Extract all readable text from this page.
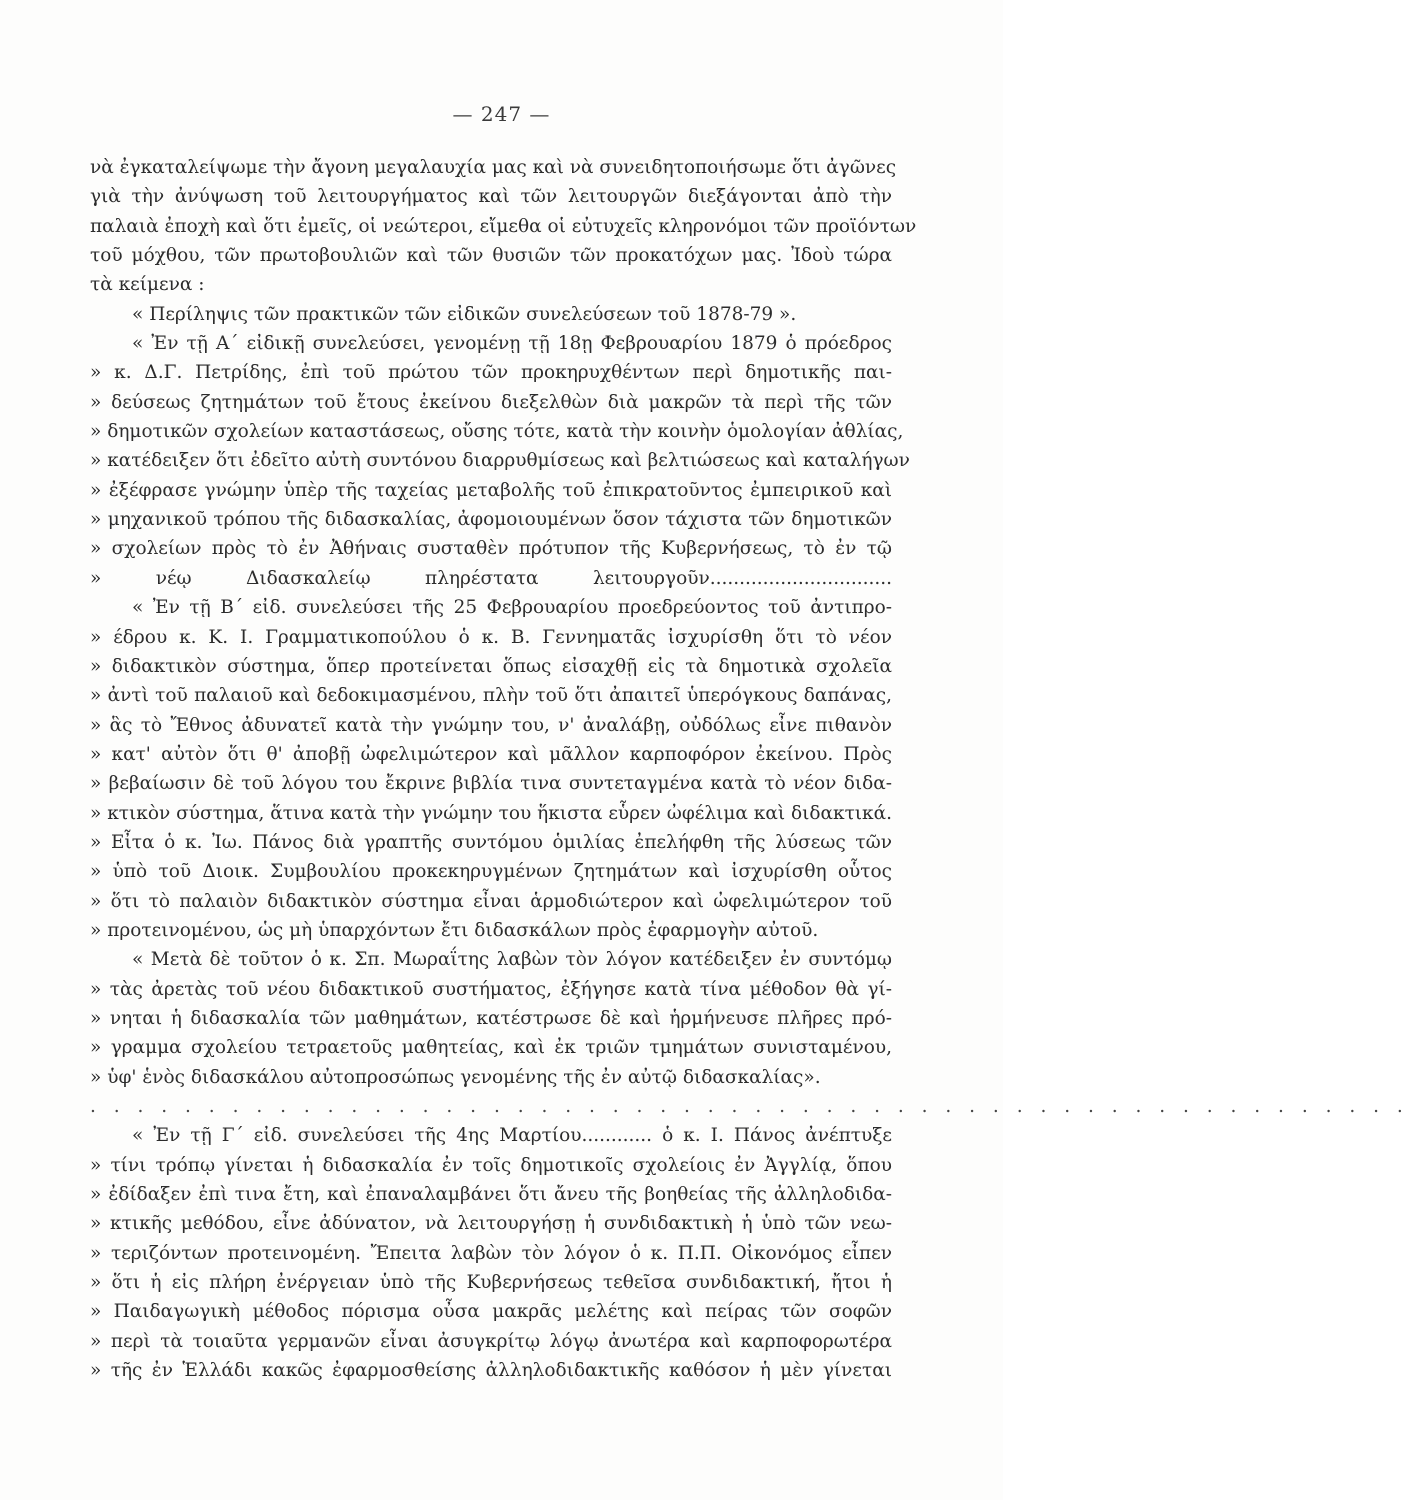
— 247 —
νὰ ἐγκαταλείψωμε τὴν ἄγονη μεγαλαυχία μας καὶ νὰ συνειδητοποιήσωμε ὅτι ἀγῶνες
γιὰ τὴν ἀνύψωση τοῦ λειτουργήματος καὶ τῶν λειτουργῶν διεξάγονται ἀπὸ τὴν
παλαιὰ ἐποχὴ καὶ ὅτι ἐμεῖς, οἱ νεώτεροι, εἴμεθα οἱ εὐτυχεῖς κληρονόμοι τῶν προϊόντων
τοῦ μόχθου, τῶν πρωτοβουλιῶν καὶ τῶν θυσιῶν τῶν προκατόχων μας. Ἰδοὺ τώρα
τὰ κείμενα :
« Περίληψις τῶν πρακτικῶν τῶν εἰδικῶν συνελεύσεων τοῦ 1878-79 ».
« Ἐν τῇ Α΄ εἰδικῇ συνελεύσει, γενομένῃ τῇ 18ῃ Φεβρουαρίου 1879 ὁ πρόεδρος
» κ. Δ.Γ. Πετρίδης, ἐπὶ τοῦ πρώτου τῶν προκηρυχθέντων περὶ δημοτικῆς παι-
» δεύσεως ζητημάτων τοῦ ἔτους ἐκείνου διεξελθὼν διὰ μακρῶν τὰ περὶ τῆς τῶν
» δημοτικῶν σχολείων καταστάσεως, οὔσης τότε, κατὰ τὴν κοινὴν ὁμολογίαν ἀθλίας,
» κατέδειξεν ὅτι ἐδεῖτο αὐτὴ συντόνου διαρρυθμίσεως καὶ βελτιώσεως καὶ καταλήγων
» ἐξέφρασε γνώμην ὑπὲρ τῆς ταχείας μεταβολῆς τοῦ ἐπικρατοῦντος ἐμπειρικοῦ καὶ
» μηχανικοῦ τρόπου τῆς διδασκαλίας, ἀφομοιουμένων ὅσον τάχιστα τῶν δημοτικῶν
» σχολείων πρὸς τὸ ἐν Ἀθήναις συσταθὲν πρότυπον τῆς Κυβερνήσεως, τὸ ἐν τῷ
» νέῳ Διδασκαλείῳ πληρέστατα λειτουργοῦν...............................
« Ἐν τῇ Β΄ εἰδ. συνελεύσει τῆς 25 Φεβρουαρίου προεδρεύοντος τοῦ ἀντιπρο-
» έδρου κ. Κ. Ι. Γραμματικοπούλου ὁ κ. Β. Γεννηματᾶς ἰσχυρίσθη ὅτι τὸ νέον
» διδακτικὸν σύστημα, ὅπερ προτείνεται ὅπως εἰσαχθῇ εἰς τὰ δημοτικὰ σχολεῖα
» ἀντὶ τοῦ παλαιοῦ καὶ δεδοκιμασμένου, πλὴν τοῦ ὅτι ἀπαιτεῖ ὑπερόγκους δαπάνας,
» ἃς τὸ Ἔθνος ἀδυνατεῖ κατὰ τὴν γνώμην του, ν' ἀναλάβῃ, οὐδόλως εἶνε πιθανὸν
» κατ' αὐτὸν ὅτι θ' ἀποβῇ ὠφελιμώτερον καὶ μᾶλλον καρποφόρον ἐκείνου. Πρὸς
» βεβαίωσιν δὲ τοῦ λόγου του ἔκρινε βιβλία τινα συντεταγμένα κατὰ τὸ νέον διδα-
» κτικὸν σύστημα, ἅτινα κατὰ τὴν γνώμην του ἥκιστα εὗρεν ὠφέλιμα καὶ διδακτικά.
» Εἶτα ὁ κ. Ἰω. Πάνος διὰ γραπτῆς συντόμου ὁμιλίας ἐπελήφθη τῆς λύσεως τῶν
» ὑπὸ τοῦ Διοικ. Συμβουλίου προκεκηρυγμένων ζητημάτων καὶ ἰσχυρίσθη οὗτος
» ὅτι τὸ παλαιὸν διδακτικὸν σύστημα εἶναι ἁρμοδιώτερον καὶ ὠφελιμώτερον τοῦ
» προτεινομένου, ὡς μὴ ὑπαρχόντων ἔτι διδασκάλων πρὸς ἐφαρμογὴν αὐτοῦ.
« Μετὰ δὲ τοῦτον ὁ κ. Σπ. Μωραΐτης λαβὼν τὸν λόγον κατέδειξεν ἐν συντόμῳ
» τὰς ἀρετὰς τοῦ νέου διδακτικοῦ συστήματος, ἐξήγησε κατὰ τίνα μέθοδον θὰ γί-
» νηται ἡ διδασκαλία τῶν μαθημάτων, κατέστρωσε δὲ καὶ ἡρμήνευσε πλῆρες πρό-
» γραμμα σχολείου τετραετοῦς μαθητείας, καὶ ἐκ τριῶν τμημάτων συνισταμένου,
» ὑφ' ἑνὸς διδασκάλου αὐτοπροσώπως γενομένης τῆς ἐν αὐτῷ διδασκαλίας».
. . . . . . . . . . . . . . . . . . . . . . . . . . . . . . . . . . . . . . . . . . . . . . . . . . . . . . . .
« Ἐν τῇ Γ΄ εἰδ. συνελεύσει τῆς 4ης Μαρτίου............ ὁ κ. Ι. Πάνος ἀνέπτυξε
» τίνι τρόπῳ γίνεται ἡ διδασκαλία ἐν τοῖς δημοτικοῖς σχολείοις ἐν Ἀγγλίᾳ, ὅπου
» ἐδίδαξεν ἐπὶ τινα ἔτη, καὶ ἐπαναλαμβάνει ὅτι ἄνευ τῆς βοηθείας τῆς ἀλληλοδιδα-
» κτικῆς μεθόδου, εἶνε ἀδύνατον, νὰ λειτουργήσῃ ἡ συνδιδακτικὴ ἡ ὑπὸ τῶν νεω-
» τεριζόντων προτεινομένη. Ἔπειτα λαβὼν τὸν λόγον ὁ κ. Π.Π. Οἰκονόμος εἶπεν
» ὅτι ἡ εἰς πλήρη ἐνέργειαν ὑπὸ τῆς Κυβερνήσεως τεθεῖσα συνδιδακτική, ἤτοι ἡ
» Παιδαγωγικὴ μέθοδος πόρισμα οὖσα μακρᾶς μελέτης καὶ πείρας τῶν σοφῶν
» περὶ τὰ τοιαῦτα γερμανῶν εἶναι ἀσυγκρίτῳ λόγῳ ἀνωτέρα καὶ καρποφορωτέρα
» τῆς ἐν Ἑλλάδι κακῶς ἐφαρμοσθείσης ἀλληλοδιδακτικῆς καθόσον ἡ μὲν γίνεται
